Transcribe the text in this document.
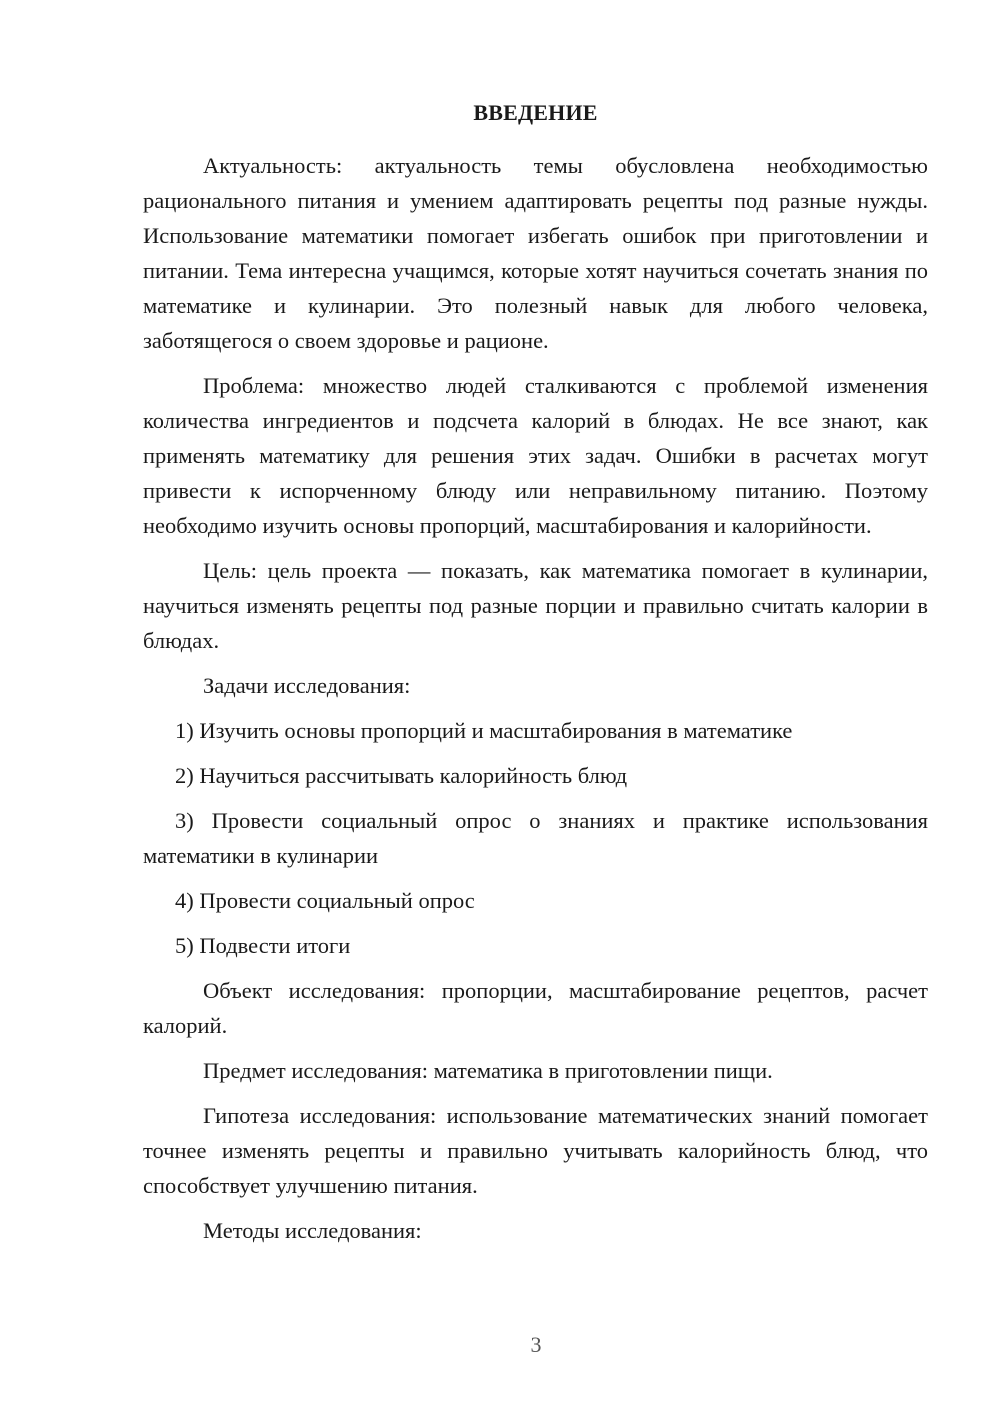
ВВЕДЕНИЕ

Актуальность: актуальность темы обусловлена необходимостью рационального питания и умением адаптировать рецепты под разные нужды. Использование математики помогает избегать ошибок при приготовлении и питании. Тема интересна учащимся, которые хотят научиться сочетать знания по математике и кулинарии. Это полезный навык для любого человека, заботящегося о своем здоровье и рационе.

Проблема: множество людей сталкиваются с проблемой изменения количества ингредиентов и подсчета калорий в блюдах. Не все знают, как применять математику для решения этих задач. Ошибки в расчетах могут привести к испорченному блюду или неправильному питанию. Поэтому необходимо изучить основы пропорций, масштабирования и калорийности.

Цель: цель проекта — показать, как математика помогает в кулинарии, научиться изменять рецепты под разные порции и правильно считать калории в блюдах.

Задачи исследования:

1) Изучить основы пропорций и масштабирования в математике

2) Научиться рассчитывать калорийность блюд

3) Провести социальный опрос о знаниях и практике использования математики в кулинарии

4) Провести социальный опрос

5) Подвести итоги

Объект исследования: пропорции, масштабирование рецептов, расчет калорий.

Предмет исследования: математика в приготовлении пищи.

Гипотеза исследования: использование математических знаний помогает точнее изменять рецепты и правильно учитывать калорийность блюд, что способствует улучшению питания.

Методы исследования:

3
